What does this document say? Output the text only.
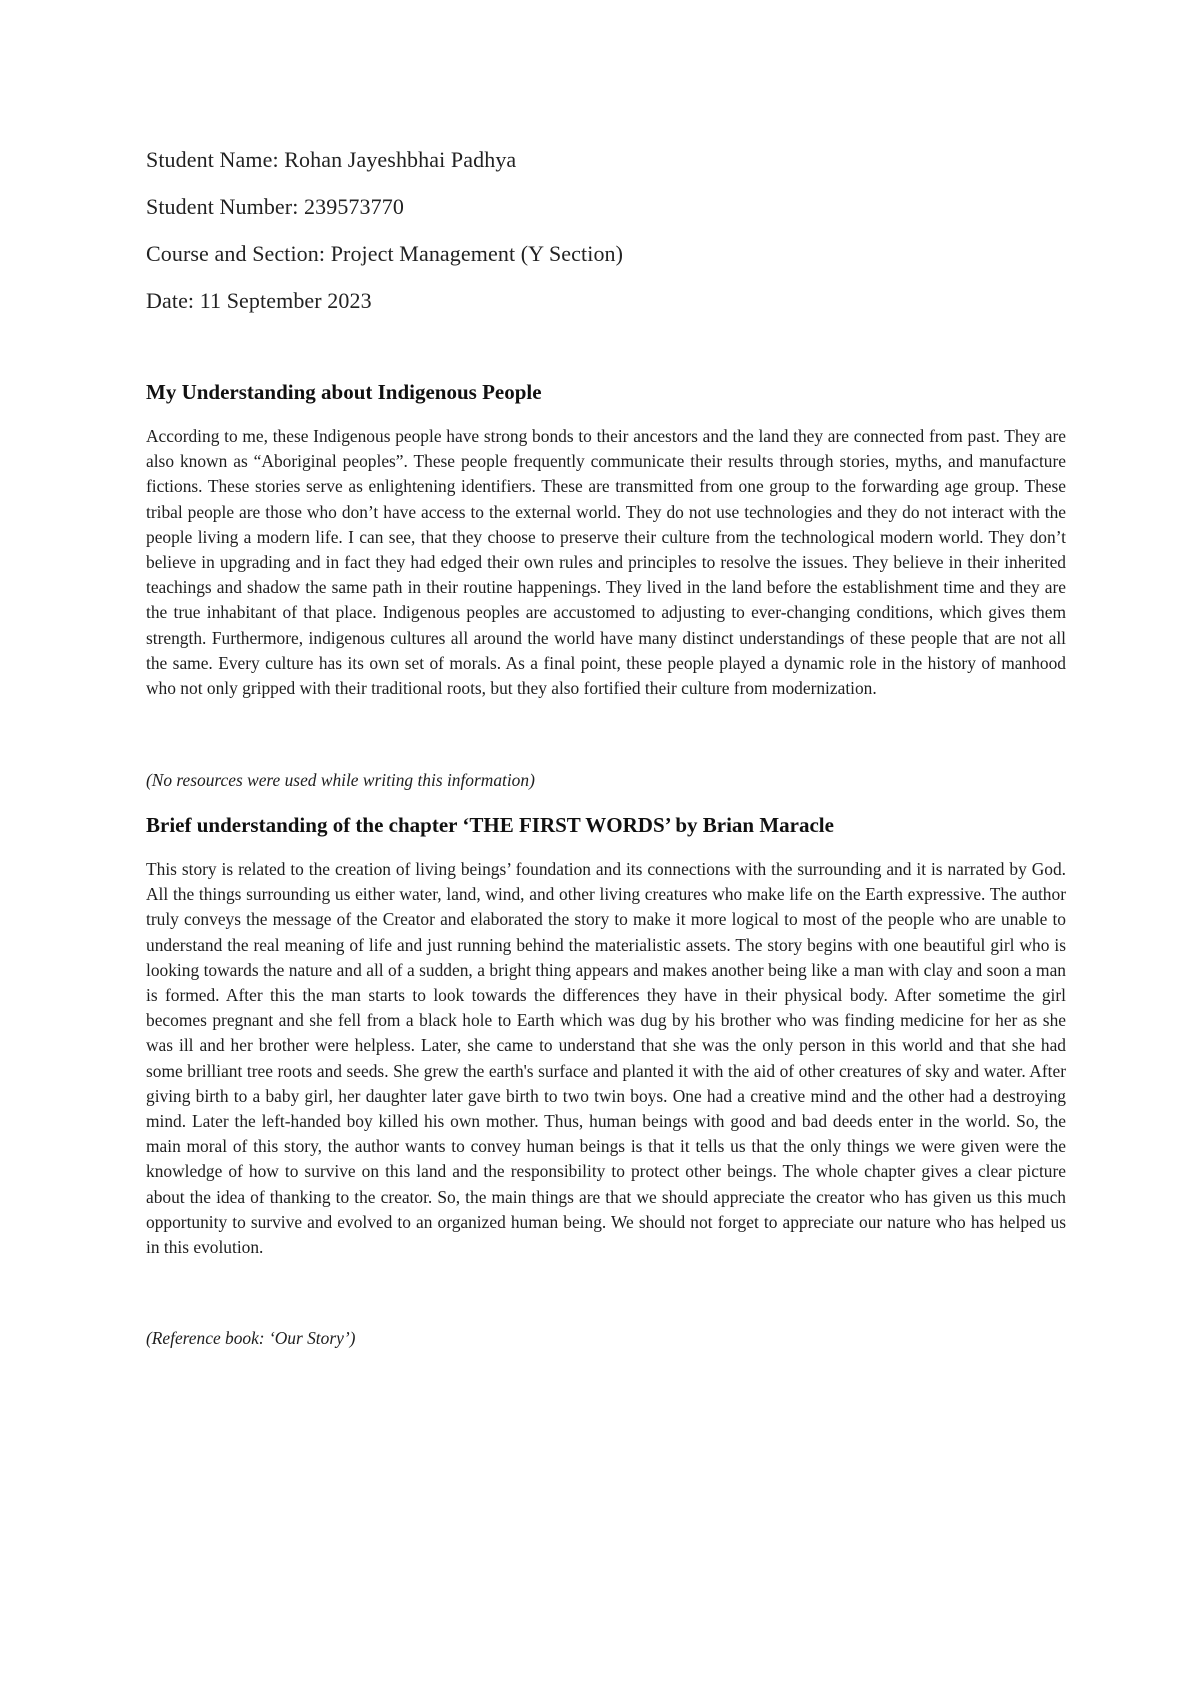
Student Name: Rohan Jayeshbhai Padhya
Student Number: 239573770
Course and Section: Project Management (Y Section)
Date: 11 September 2023
My Understanding about Indigenous People
According to me, these Indigenous people have strong bonds to their ancestors and the land they are connected from past. They are also known as “Aboriginal peoples”. These people frequently communicate their results through stories, myths, and manufacture fictions. These stories serve as enlightening identifiers. These are transmitted from one group to the forwarding age group. These tribal people are those who don’t have access to the external world. They do not use technologies and they do not interact with the people living a modern life. I can see, that they choose to preserve their culture from the technological modern world. They don’t believe in upgrading and in fact they had edged their own rules and principles to resolve the issues. They believe in their inherited teachings and shadow the same path in their routine happenings. They lived in the land before the establishment time and they are the true inhabitant of that place. Indigenous peoples are accustomed to adjusting to ever-changing conditions, which gives them strength. Furthermore, indigenous cultures all around the world have many distinct understandings of these people that are not all the same. Every culture has its own set of morals. As a final point, these people played a dynamic role in the history of manhood who not only gripped with their traditional roots, but they also fortified their culture from modernization.
(No resources were used while writing this information)
Brief understanding of the chapter ‘THE FIRST WORDS’ by Brian Maracle
This story is related to the creation of living beings’ foundation and its connections with the surrounding and it is narrated by God. All the things surrounding us either water, land, wind, and other living creatures who make life on the Earth expressive. The author truly conveys the message of the Creator and elaborated the story to make it more logical to most of the people who are unable to understand the real meaning of life and just running behind the materialistic assets. The story begins with one beautiful girl who is looking towards the nature and all of a sudden, a bright thing appears and makes another being like a man with clay and soon a man is formed. After this the man starts to look towards the differences they have in their physical body. After sometime the girl becomes pregnant and she fell from a black hole to Earth which was dug by his brother who was finding medicine for her as she was ill and her brother were helpless. Later, she came to understand that she was the only person in this world and that she had some brilliant tree roots and seeds. She grew the earth's surface and planted it with the aid of other creatures of sky and water. After giving birth to a baby girl, her daughter later gave birth to two twin boys. One had a creative mind and the other had a destroying mind. Later the left-handed boy killed his own mother. Thus, human beings with good and bad deeds enter in the world. So, the main moral of this story, the author wants to convey human beings is that it tells us that the only things we were given were the knowledge of how to survive on this land and the responsibility to protect other beings. The whole chapter gives a clear picture about the idea of thanking to the creator. So, the main things are that we should appreciate the creator who has given us this much opportunity to survive and evolved to an organized human being. We should not forget to appreciate our nature who has helped us in this evolution.
(Reference book: ‘Our Story’)
